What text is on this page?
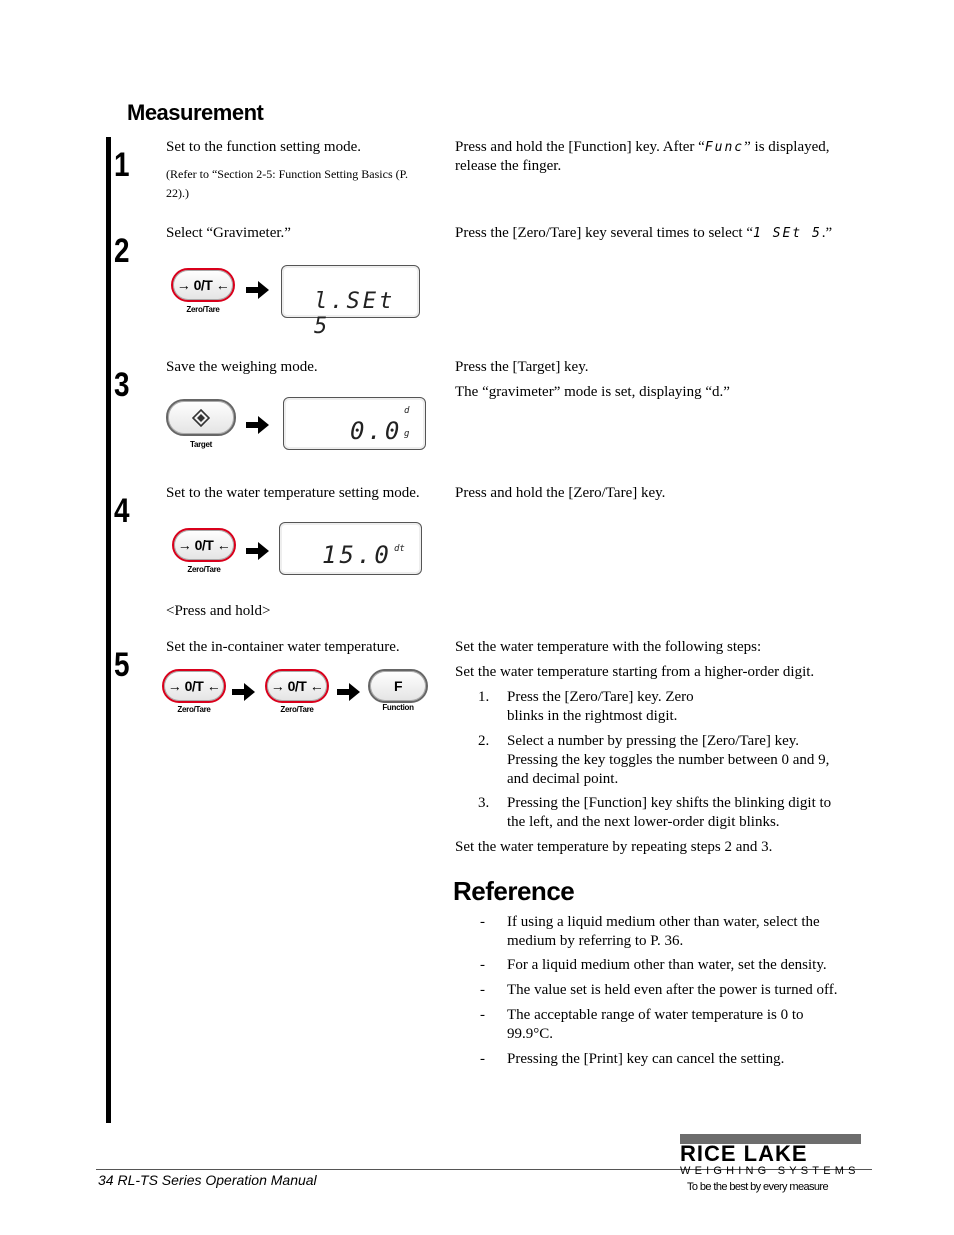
Measurement
1 Set to the function setting mode.
(Refer to “Section 2-5: Function Setting Basics (P. 22).)
Press and hold the [Function] key. After “Func” is displayed, release the finger.
2 Select “Gravimeter.”	Press the [Zero/Tare] key several times to select “1 SEt 5.”
→ 0/T ←
Zero/Tare	l.SEt 5
3 Save the weighing mode.	Press the [Target] key.
The “gravimeter” mode is set, displaying “d.”
Target	0.0
d
g
4 Set to the water temperature setting mode.	Press and hold the [Zero/Tare] key.
→ 0/T ←
Zero/Tare
15.0 dt
<Press and hold>
5 Set the in-container water temperature.
→ 0/T ←
Zero/Tare
→ 0/T ←
Zero/Tare
F
Function
Set the water temperature with the following steps:
Set the water temperature starting from a higher-order digit.
1. Press the [Zero/Tare] key. Zero blinks in the rightmost digit.
2. Select a number by pressing the [Zero/Tare] key. Pressing the key toggles the number between 0 and 9, and decimal point.
3. Pressing the [Function] key shifts the blinking digit to the left, and the next lower-order digit blinks.
Set the water temperature by repeating steps 2 and 3.
Reference
- If using a liquid medium other than water, select the medium by referring to P. 36.
- For a liquid medium other than water, set the density.
- The value set is held even after the power is turned off.
- The acceptable range of water temperature is 0 to 99.9°C.
- Pressing the [Print] key can cancel the setting.
34 RL-TS Series Operation Manual
RICE LAKE
WEIGHING SYSTEMS
To be the best by every measure
